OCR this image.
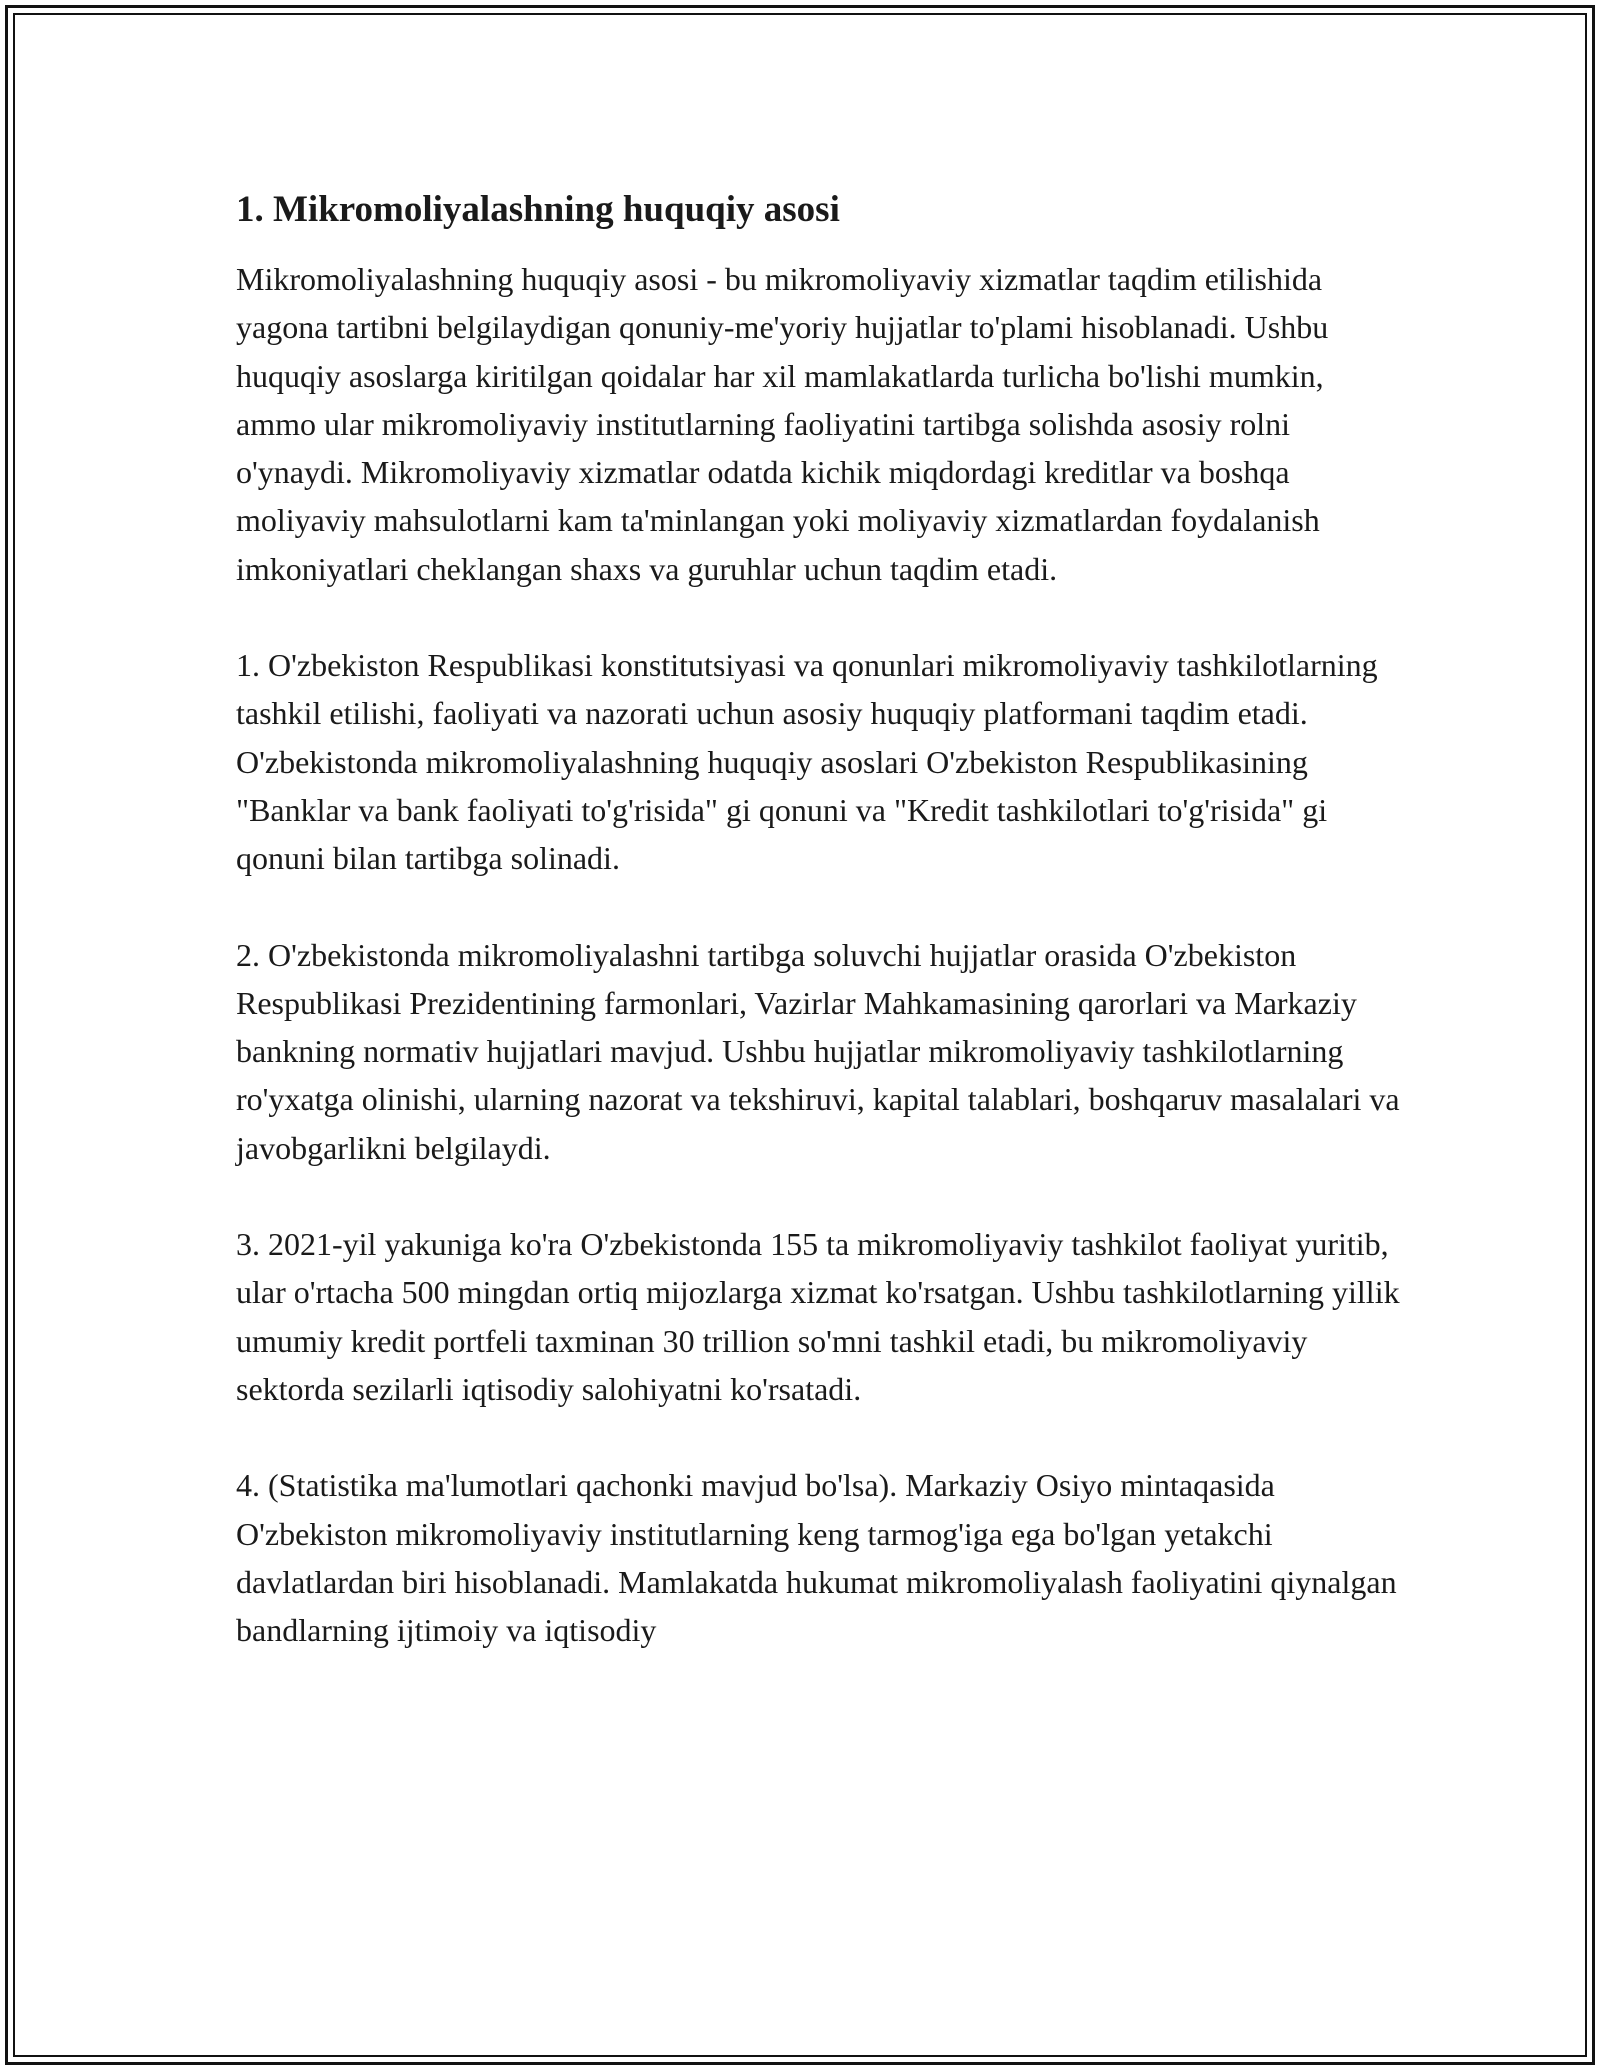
1. Mikromoliyalashning huquqiy asosi

Mikromoliyalashning huquqiy asosi - bu mikromoliyaviy xizmatlar taqdim etilishida yagona tartibni belgilaydigan qonuniy-me'yoriy hujjatlar to'plami hisoblanadi. Ushbu huquqiy asoslarga kiritilgan qoidalar har xil mamlakatlarda turlicha bo'lishi mumkin, ammo ular mikromoliyaviy institutlarning faoliyatini tartibga solishda asosiy rolni o'ynaydi. Mikromoliyaviy xizmatlar odatda kichik miqdordagi kreditlar va boshqa moliyaviy mahsulotlarni kam ta'minlangan yoki moliyaviy xizmatlardan foydalanish imkoniyatlari cheklangan shaxs va guruhlar uchun taqdim etadi.

1. O'zbekiston Respublikasi konstitutsiyasi va qonunlari mikromoliyaviy tashkilotlarning tashkil etilishi, faoliyati va nazorati uchun asosiy huquqiy platformani taqdim etadi. O'zbekistonda mikromoliyalashning huquqiy asoslari O'zbekiston Respublikasining "Banklar va bank faoliyati to'g'risida" gi qonuni va "Kredit tashkilotlari to'g'risida" gi qonuni bilan tartibga solinadi.

2. O'zbekistonda mikromoliyalashni tartibga soluvchi hujjatlar orasida O'zbekiston Respublikasi Prezidentining farmonlari, Vazirlar Mahkamasining qarorlari va Markaziy bankning normativ hujjatlari mavjud. Ushbu hujjatlar mikromoliyaviy tashkilotlarning ro'yxatga olinishi, ularning nazorat va tekshiruvi, kapital talablari, boshqaruv masalalari va javobgarlikni belgilaydi.

3. 2021-yil yakuniga ko'ra O'zbekistonda 155 ta mikromoliyaviy tashkilot faoliyat yuritib, ular o'rtacha 500 mingdan ortiq mijozlarga xizmat ko'rsatgan. Ushbu tashkilotlarning yillik umumiy kredit portfeli taxminan 30 trillion so'mni tashkil etadi, bu mikromoliyaviy sektorda sezilarli iqtisodiy salohiyatni ko'rsatadi.

4. (Statistika ma'lumotlari qachonki mavjud bo'lsa). Markaziy Osiyo mintaqasida O'zbekiston mikromoliyaviy institutlarning keng tarmog'iga ega bo'lgan yetakchi davlatlardan biri hisoblanadi. Mamlakatda hukumat mikromoliyalash faoliyatini qiynalgan bandlarning ijtimoiy va iqtisodiy
